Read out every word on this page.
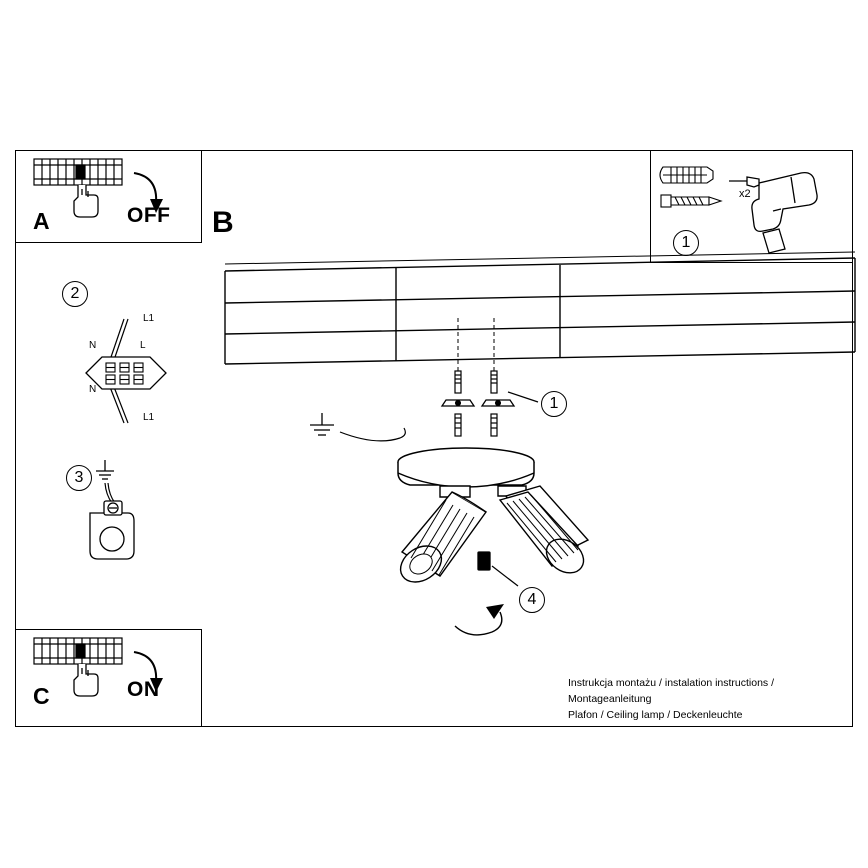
A	OFF
C	ON
B
x2
1
2
L1
N	L
N
L1
3
1
4
Instrukcja montażu / instalation instructions / Montageanleitung
Plafon / Ceiling lamp / Deckenleuchte
